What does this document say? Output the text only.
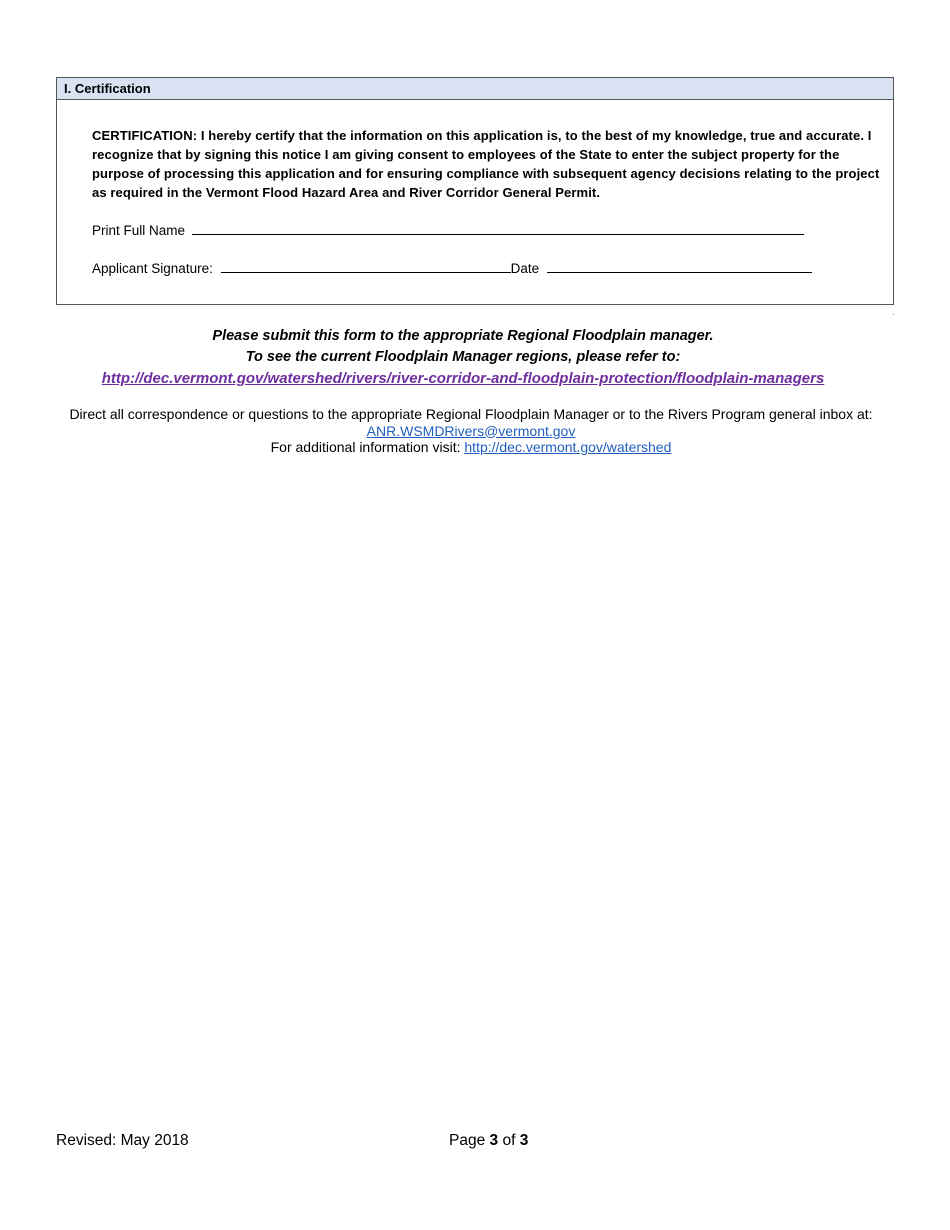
I. Certification
CERTIFICATION: I hereby certify that the information on this application is, to the best of my knowledge, true and accurate. I recognize that by signing this notice I am giving consent to employees of the State to enter the subject property for the purpose of processing this application and for ensuring compliance with subsequent agency decisions relating to the project as required in the Vermont Flood Hazard Area and River Corridor General Permit.
Print Full Name
Applicant Signature:	Date
Please submit this form to the appropriate Regional Floodplain manager.
To see the current Floodplain Manager regions, please refer to:
http://dec.vermont.gov/watershed/rivers/river-corridor-and-floodplain-protection/floodplain-managers
Direct all correspondence or questions to the appropriate Regional Floodplain Manager or to the Rivers Program general inbox at:
ANR.WSMDRivers@vermont.gov
For additional information visit: http://dec.vermont.gov/watershed
Revised: May 2018	Page 3 of 3
